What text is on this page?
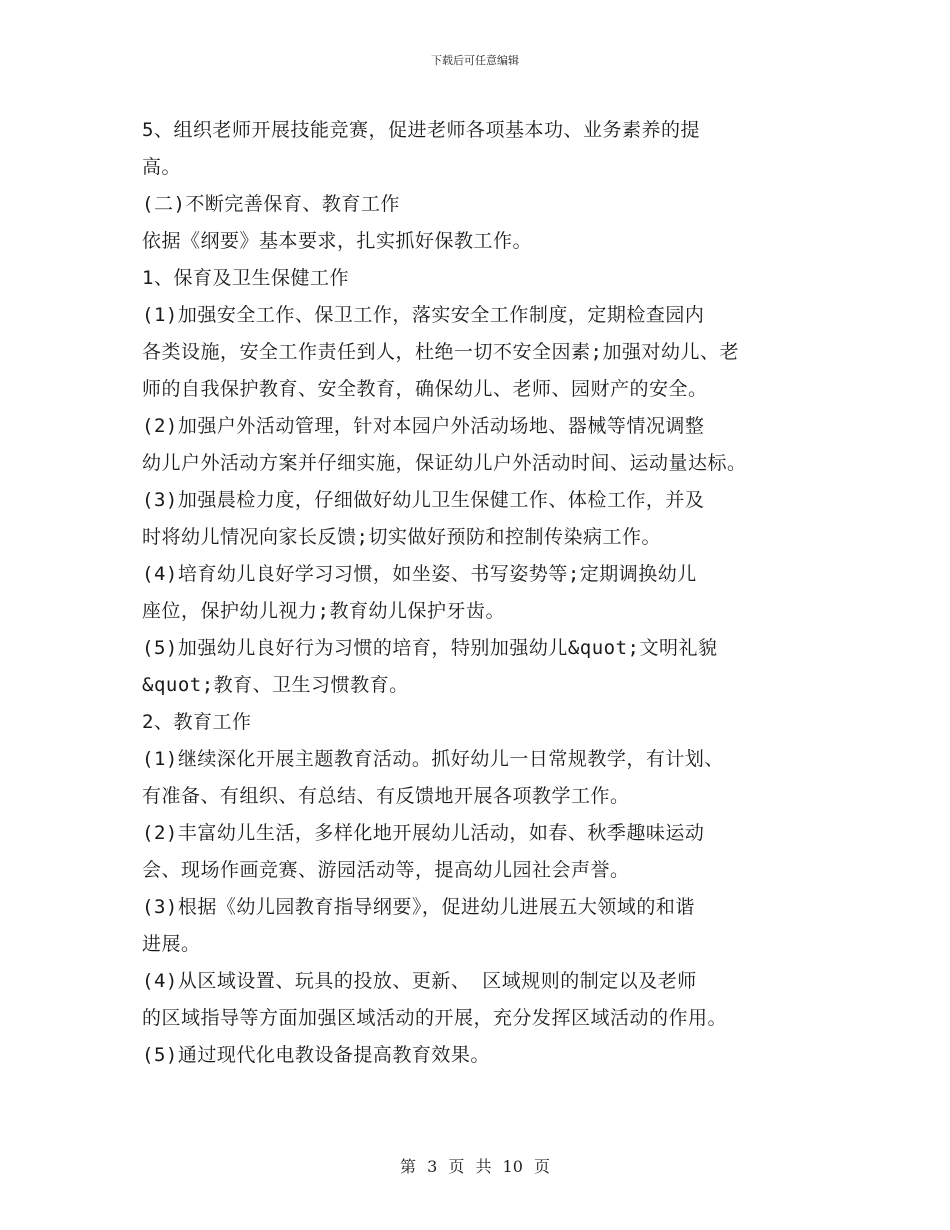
下载后可任意编辑
5、组织老师开展技能竞赛，促进老师各项基本功、业务素养的提
高。
(二)不断完善保育、教育工作
依据《纲要》基本要求，扎实抓好保教工作。
1、保育及卫生保健工作
(1)加强安全工作、保卫工作，落实安全工作制度，定期检查园内
各类设施，安全工作责任到人，杜绝一切不安全因素;加强对幼儿、老
师的自我保护教育、安全教育，确保幼儿、老师、园财产的安全。
(2)加强户外活动管理，针对本园户外活动场地、器械等情况调整
幼儿户外活动方案并仔细实施，保证幼儿户外活动时间、运动量达标。
(3)加强晨检力度，仔细做好幼儿卫生保健工作、体检工作，并及
时将幼儿情况向家长反馈;切实做好预防和控制传染病工作。
(4)培育幼儿良好学习习惯，如坐姿、书写姿势等;定期调换幼儿
座位，保护幼儿视力;教育幼儿保护牙齿。
(5)加强幼儿良好行为习惯的培育，特别加强幼儿&quot;文明礼貌
&quot;教育、卫生习惯教育。
2、教育工作
(1)继续深化开展主题教育活动。抓好幼儿一日常规教学，有计划、
有准备、有组织、有总结、有反馈地开展各项教学工作。
(2)丰富幼儿生活，多样化地开展幼儿活动，如春、秋季趣味运动
会、现场作画竞赛、游园活动等，提高幼儿园社会声誉。
(3)根据《幼儿园教育指导纲要》，促进幼儿进展五大领域的和谐
进展。
(4)从区域设置、玩具的投放、更新、 区域规则的制定以及老师
的区域指导等方面加强区域活动的开展，充分发挥区域活动的作用。
(5)通过现代化电教设备提高教育效果。
第 3 页 共 10 页
